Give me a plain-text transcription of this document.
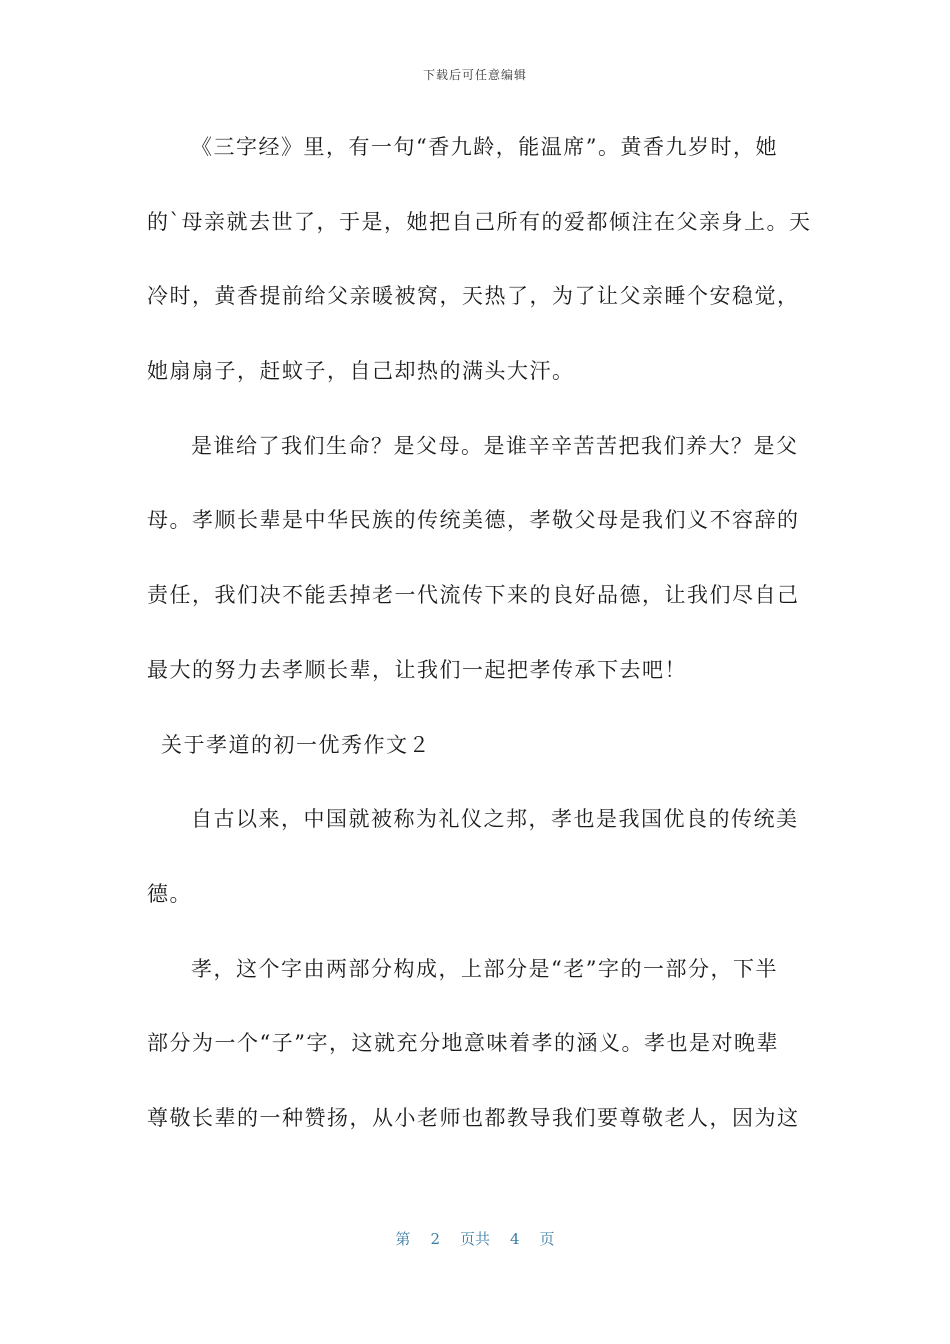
下载后可任意编辑
《三字经》里，有一句“香九龄，能温席”。黄香九岁时，她
的`母亲就去世了，于是，她把自己所有的爱都倾注在父亲身上。天
冷时，黄香提前给父亲暖被窝，天热了，为了让父亲睡个安稳觉，
她扇扇子，赶蚊子，自己却热的满头大汗。
是谁给了我们生命？是父母。是谁辛辛苦苦把我们养大？是父
母。孝顺长辈是中华民族的传统美德，孝敬父母是我们义不容辞的
责任，我们决不能丢掉老一代流传下来的良好品德，让我们尽自己
最大的努力去孝顺长辈，让我们一起把孝传承下去吧！
关于孝道的初一优秀作文２
自古以来，中国就被称为礼仪之邦，孝也是我国优良的传统美
德。
孝，这个字由两部分构成，上部分是“老”字的一部分，下半
部分为一个“子”字，这就充分地意味着孝的涵义。孝也是对晚辈
尊敬长辈的一种赞扬，从小老师也都教导我们要尊敬老人，因为这
第 2 页共 4 页
